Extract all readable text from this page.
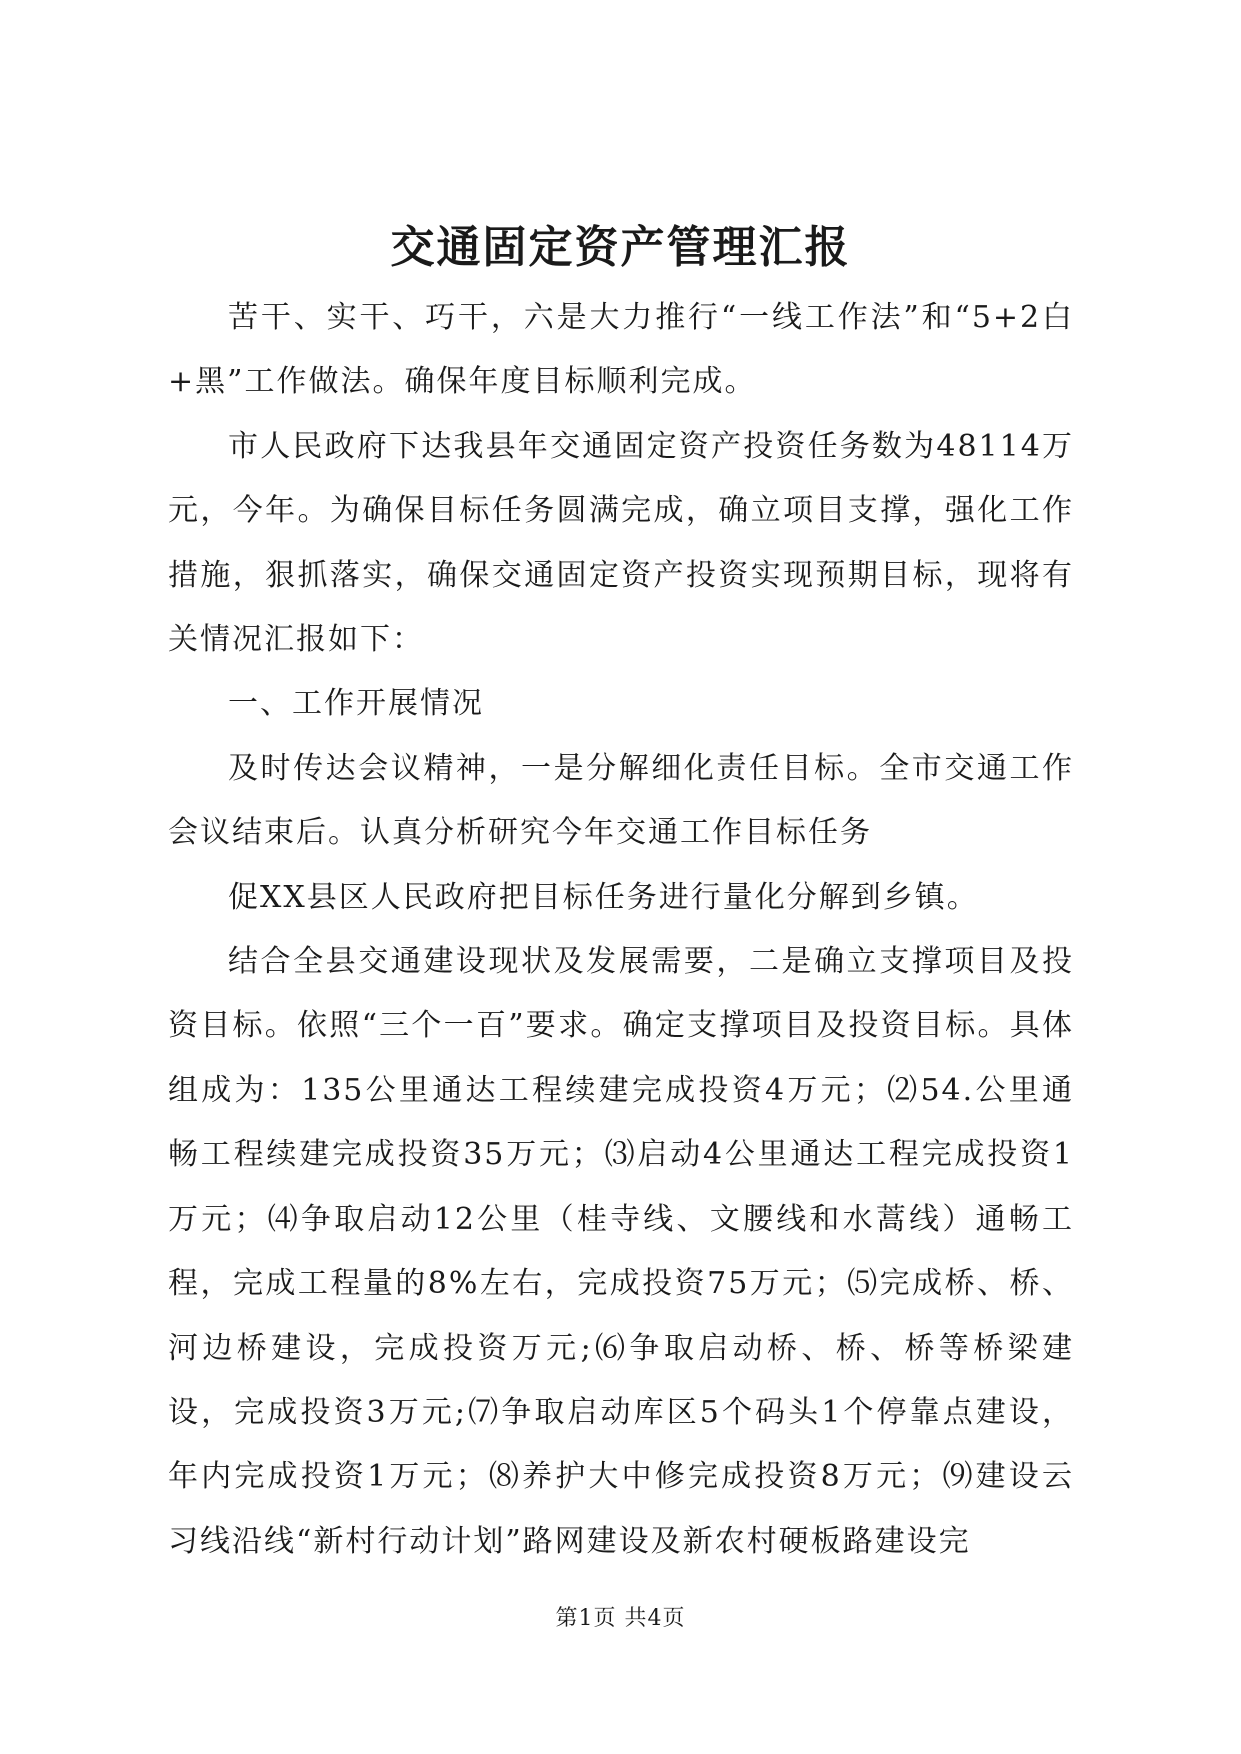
交通固定资产管理汇报

苦干、实干、巧干，六是大力推行“一线工作法”和“5+2白+黑”工作做法。确保年度目标顺利完成。

市人民政府下达我县年交通固定资产投资任务数为48114万元，今年。为确保目标任务圆满完成，确立项目支撑，强化工作措施，狠抓落实，确保交通固定资产投资实现预期目标，现将有关情况汇报如下：

一、工作开展情况

及时传达会议精神，一是分解细化责任目标。全市交通工作会议结束后。认真分析研究今年交通工作目标任务

促XX县区人民政府把目标任务进行量化分解到乡镇。

结合全县交通建设现状及发展需要，二是确立支撑项目及投资目标。依照“三个一百”要求。确定支撑项目及投资目标。具体组成为：135公里通达工程续建完成投资4万元；⑵54.公里通畅工程续建完成投资35万元；⑶启动4公里通达工程完成投资1万元；⑷争取启动12公里（桂寺线、文腰线和水蒿线）通畅工程，完成工程量的8%左右，完成投资75万元；⑸完成桥、桥、河边桥建设，完成投资万元;⑹争取启动桥、桥、桥等桥梁建设，完成投资3万元;⑺争取启动库区5个码头1个停靠点建设，年内完成投资1万元；⑻养护大中修完成投资8万元；⑼建设云习线沿线“新村行动计划”路网建设及新农村硬板路建设完

第1页 共4页
